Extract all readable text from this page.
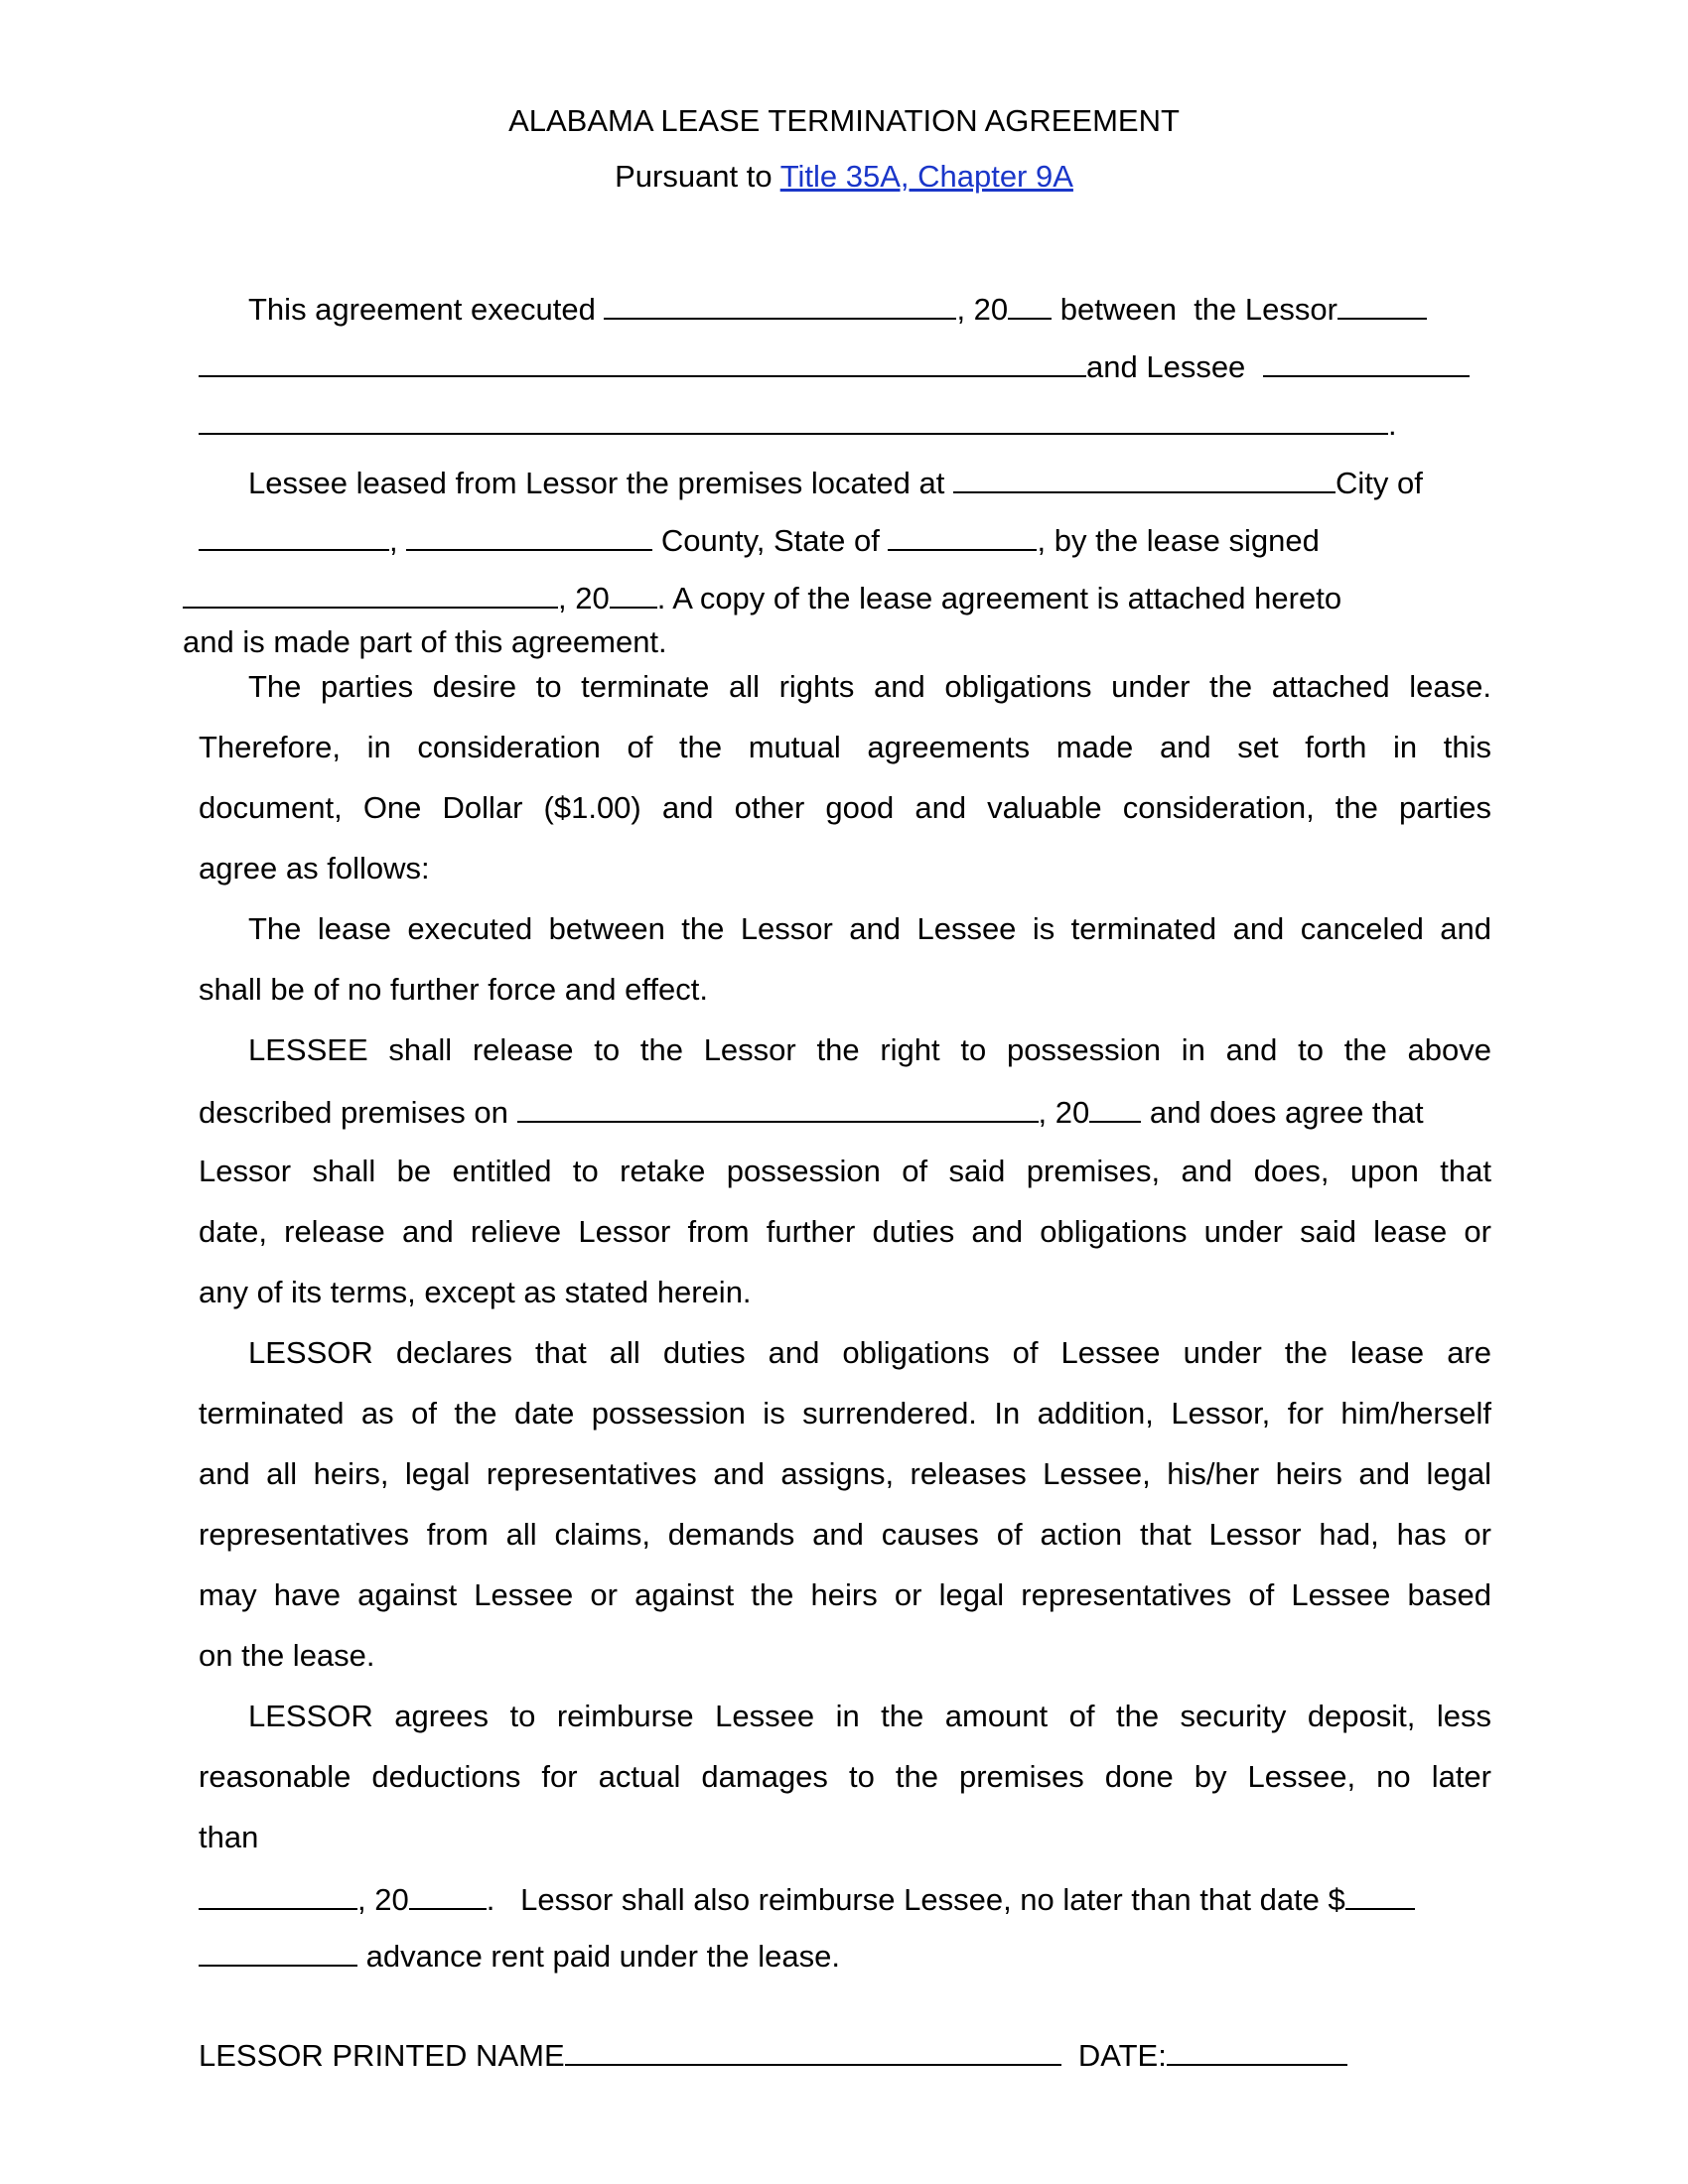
ALABAMA LEASE TERMINATION AGREEMENT
Pursuant to Title 35A, Chapter 9A
This agreement executed	, 20 between  the Lessor
and Lessee
.
Lessee leased from Lessor the premises located at	City of
,	County, State of	, by the lease signed
, 20 . A copy of the lease agreement is attached hereto
and is made part of this agreement.
The parties desire to terminate all rights and obligations under the attached lease.
Therefore, in consideration of the mutual agreements made and set forth in this
document, One Dollar ($1.00) and other good and valuable consideration, the parties
agree as follows:
The lease executed between the Lessor and Lessee is terminated and canceled and
shall be of no further force and effect.
LESSEE shall release to the Lessor the right to possession in and to the above
described premises on	, 20 and does agree that
Lessor shall be entitled to retake possession of said premises, and does, upon that
date, release and relieve Lessor from further duties and obligations under said lease or
any of its terms, except as stated herein.
LESSOR declares that all duties and obligations of Lessee under the lease are
terminated as of the date possession is surrendered. In addition, Lessor, for him/herself
and all heirs, legal representatives and assigns, releases Lessee, his/her heirs and legal
representatives from all claims, demands and causes of action that Lessor had, has or
may have against Lessee or against the heirs or legal representatives of Lessee based
on the lease.
LESSOR agrees to reimburse Lessee in the amount of the security deposit, less
reasonable deductions for actual damages to the premises done by Lessee, no later
than
, 20	.   Lessor shall also reimburse Lessee, no later than that date $
advance rent paid under the lease.
LESSOR PRINTED NAME	DATE:
